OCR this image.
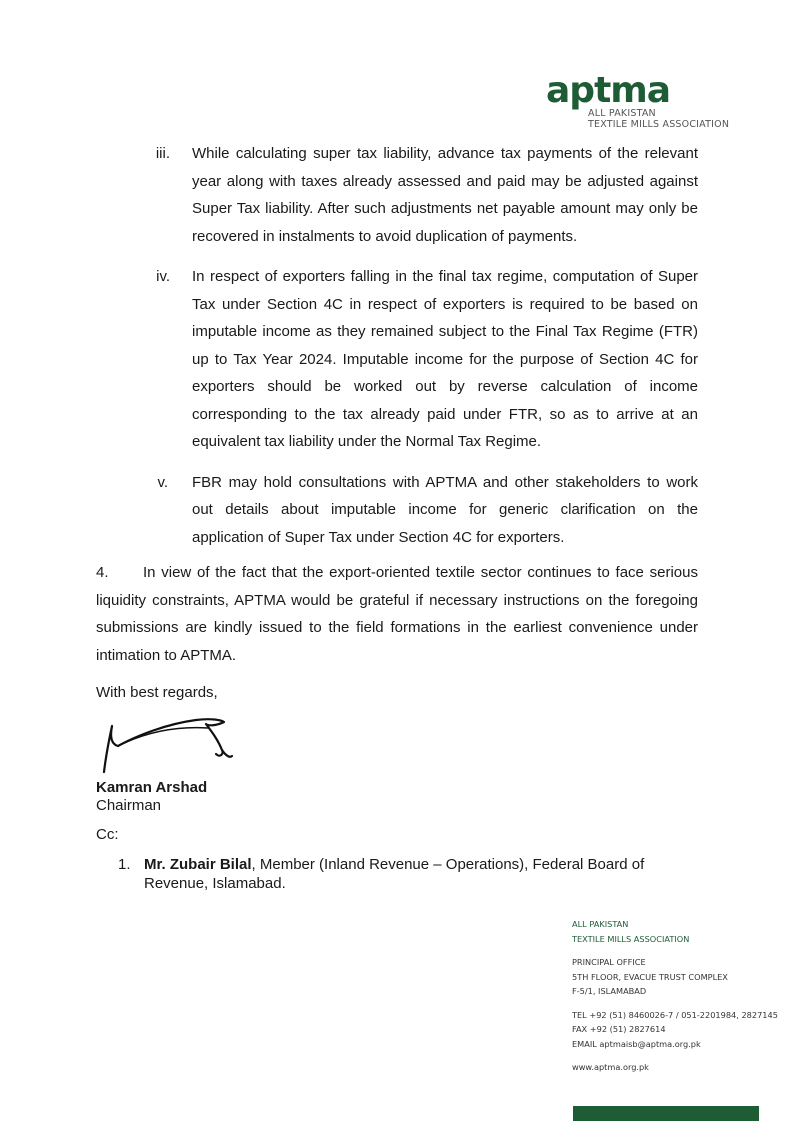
aptma
ALL PAKISTAN
TEXTILE MILLS ASSOCIATION
iii. While calculating super tax liability, advance tax payments of the relevant year along with taxes already assessed and paid may be adjusted against Super Tax liability. After such adjustments net payable amount may only be recovered in instalments to avoid duplication of payments.
iv. In respect of exporters falling in the final tax regime, computation of Super Tax under Section 4C in respect of exporters is required to be based on imputable income as they remained subject to the Final Tax Regime (FTR) up to Tax Year 2024. Imputable income for the purpose of Section 4C for exporters should be worked out by reverse calculation of income corresponding to the tax already paid under FTR, so as to arrive at an equivalent tax liability under the Normal Tax Regime.
v. FBR may hold consultations with APTMA and other stakeholders to work out details about imputable income for generic clarification on the application of Super Tax under Section 4C for exporters.
4. In view of the fact that the export-oriented textile sector continues to face serious liquidity constraints, APTMA would be grateful if necessary instructions on the foregoing submissions are kindly issued to the field formations in the earliest convenience under intimation to APTMA.
With best regards,
Kamran Arshad
Chairman
Cc:
1. Mr. Zubair Bilal, Member (Inland Revenue – Operations), Federal Board of Revenue, Islamabad.
ALL PAKISTAN
TEXTILE MILLS ASSOCIATION
PRINCIPAL OFFICE
5TH FLOOR, EVACUE TRUST COMPLEX
F-5/1, ISLAMABAD
TEL +92 (51) 8460026-7 / 051-2201984, 2827145
FAX +92 (51) 2827614
EMAIL aptmaisb@aptma.org.pk
www.aptma.org.pk
